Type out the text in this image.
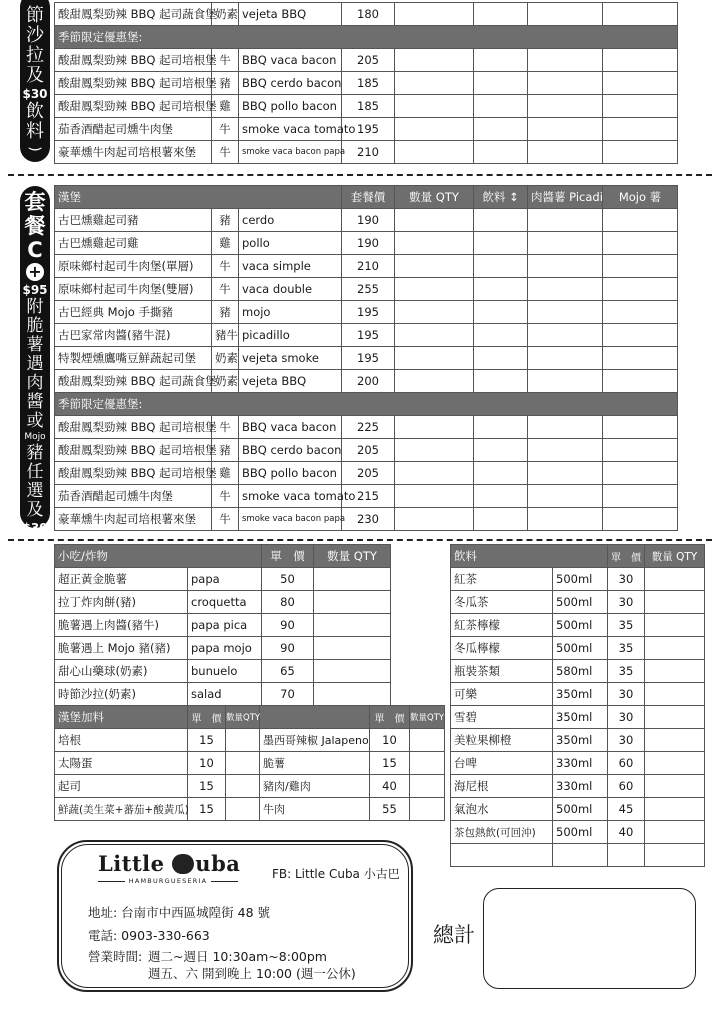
節
沙
拉
及
$30
飲
料
)
酸甜鳳梨勁辣 BBQ 起司蔬食堡	奶素	vejeta BBQ	180				
季節限定優惠堡:							
酸甜鳳梨勁辣 BBQ 起司培根堡	牛	BBQ vaca bacon	205				
酸甜鳳梨勁辣 BBQ 起司培根堡	豬	BBQ cerdo bacon	185				
酸甜鳳梨勁辣 BBQ 起司培根堡	雞	BBQ pollo bacon	185				
茄香酒醋起司燻牛肉堡	牛	smoke vaca tomato	195				
豪華燻牛肉起司培根薯來堡	牛	smoke vaca bacon papa	210				
套
餐
C
+
$95
附
脆
薯
遇
肉
醬
或
Mojo
豬
任
選
及
$30
飲
料
)
漢堡			套餐價	數量 QTY	飲料 ↕	肉醬薯 Picadi	Mojo 薯
古巴燻雞起司豬	豬	cerdo	190				
古巴燻雞起司雞	雞	pollo	190				
原味鄉村起司牛肉堡(單層)	牛	vaca simple	210				
原味鄉村起司牛肉堡(雙層)	牛	vaca double	255				
古巴經典 Mojo 手撕豬	豬	mojo	195				
古巴家常肉醬(豬牛混)	豬牛	picadillo	195				
特製煙燻鷹嘴豆鮮蔬起司堡	奶素	vejeta smoke	195				
酸甜鳳梨勁辣 BBQ 起司蔬食堡	奶素	vejeta BBQ	200				
季節限定優惠堡:							
酸甜鳳梨勁辣 BBQ 起司培根堡	牛	BBQ vaca bacon	225				
酸甜鳳梨勁辣 BBQ 起司培根堡	豬	BBQ cerdo bacon	205				
酸甜鳳梨勁辣 BBQ 起司培根堡	雞	BBQ pollo bacon	205				
茄香酒醋起司燻牛肉堡	牛	smoke vaca tomato	215				
豪華燻牛肉起司培根薯來堡	牛	smoke vaca bacon papa	230				
小吃/炸物		單　價	數量 QTY
超正黃金脆薯	papa	50	
拉丁炸肉餅(豬)	croquetta	80	
脆薯遇上肉醬(豬牛)	papa pica	90	
脆薯遇上 Mojo 豬(豬)	papa mojo	90	
甜心山藥球(奶素)	bunuelo	65	
時節沙拉(奶素)	salad	70	
漢堡加料	單　價	數量QTY		單　價	數量QTY
培根	15		墨西哥辣椒 Jalapeno	10	
太陽蛋	10		脆薯	15	
起司	15		豬肉/雞肉	40	
鮮蔬(美生菜+蕃茄+酸黃瓜)	15		牛肉	55	
飲料		單　價	數量 QTY
紅茶	500ml	30	
冬瓜茶	500ml	30	
紅茶檸檬	500ml	35	
冬瓜檸檬	500ml	35	
瓶裝茶類	580ml	35	
可樂	350ml	30	
雪碧	350ml	30	
美粒果柳橙	350ml	30	
台啤	330ml	60	
海尼根	330ml	60	
氣泡水	500ml	45	
茶包熱飲(可回沖)	500ml	40	

Little uba
HAMBURGUESERIA	FB: Little Cuba 小古巴
地址: 台南市中西區城隍街 48 號
電話: 0903-330-663
營業時間: 週二~週日 10:30am~8:00pm
週五、六 開到晚上 10:00 (週一公休)
總計
